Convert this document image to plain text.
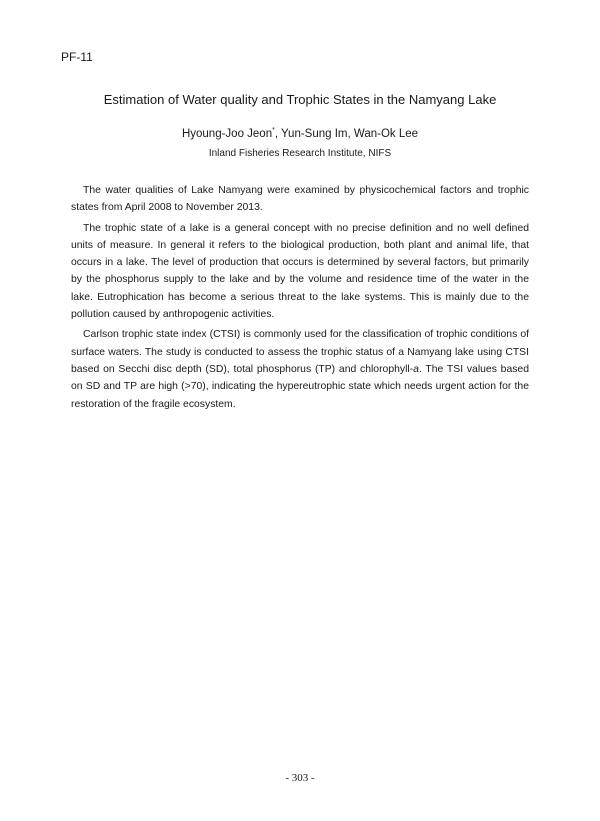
PF-11
Estimation of Water quality and Trophic States in the Namyang Lake
Hyoung-Joo Jeon*, Yun-Sung Im, Wan-Ok Lee
Inland Fisheries Research Institute, NIFS

The water qualities of Lake Namyang were examined by physicochemical factors and trophic states from April 2008 to November 2013.

The trophic state of a lake is a general concept with no precise definition and no well defined units of measure. In general it refers to the biological production, both plant and animal life, that occurs in a lake. The level of production that occurs is determined by several factors, but primarily by the phosphorus supply to the lake and by the volume and residence time of the water in the lake. Eutrophication has become a serious threat to the lake systems. This is mainly due to the pollution caused by anthropogenic activities.

Carlson trophic state index (CTSI) is commonly used for the classification of trophic conditions of surface waters. The study is conducted to assess the trophic status of a Namyang lake using CTSI based on Secchi disc depth (SD), total phosphorus (TP) and chlorophyll-a. The TSI values based on SD and TP are high (>70), indicating the hypereutrophic state which needs urgent action for the restoration of the fragile ecosystem.

- 303 -
